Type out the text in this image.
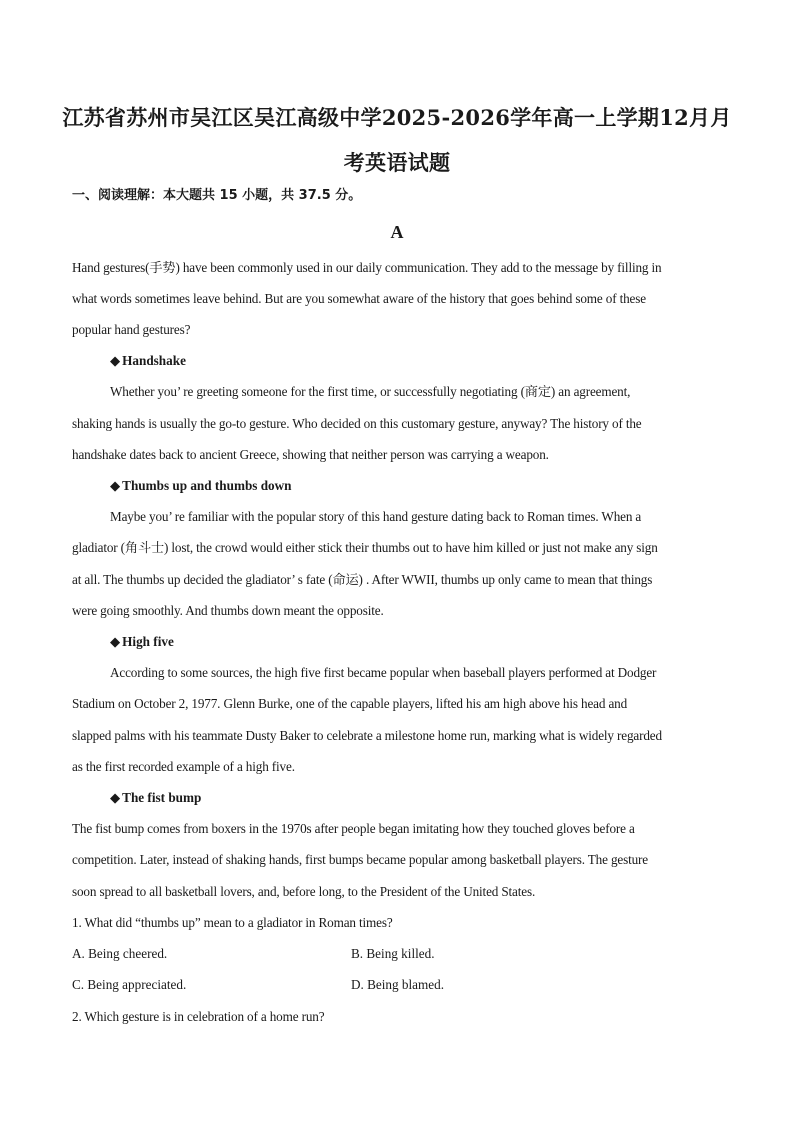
江苏省苏州市吴江区吴江高级中学2025-2026学年高一上学期12月月
考英语试题
一、阅读理解：本大题共 15 小题，共 37.5 分。
A
Hand gestures(手势) have been commonly used in our daily communication. They add to the message by filling in
what words sometimes leave behind. But are you somewhat aware of the history that goes behind some of these
popular hand gestures?
◆ Handshake
Whether you’ re greeting someone for the first time, or successfully negotiating (商定) an agreement,
shaking hands is usually the go-to gesture. Who decided on this customary gesture, anyway? The history of the
handshake dates back to ancient Greece, showing that neither person was carrying a weapon.
◆ Thumbs up and thumbs down
Maybe you’ re familiar with the popular story of this hand gesture dating back to Roman times. When a
gladiator (角斗士) lost, the crowd would either stick their thumbs out to have him killed or just not make any sign
at all. The thumbs up decided the gladiator’ s fate (命运) . After WWII, thumbs up only came to mean that things
were going smoothly. And thumbs down meant the opposite.
◆ High five
According to some sources, the high five first became popular when baseball players performed at Dodger
Stadium on October 2, 1977. Glenn Burke, one of the capable players, lifted his am high above his head and
slapped palms with his teammate Dusty Baker to celebrate a milestone home run, marking what is widely regarded
as the first recorded example of a high five.
◆ The fist bump
The fist bump comes from boxers in the 1970s after people began imitating how they touched gloves before a
competition. Later, instead of shaking hands, first bumps became popular among basketball players. The gesture
soon spread to all basketball lovers, and, before long, to the President of the United States.
1. What did “thumbs up” mean to a gladiator in Roman times?
A. Being cheered.	B. Being killed.
C. Being appreciated.	D. Being blamed.
2. Which gesture is in celebration of a home run?
